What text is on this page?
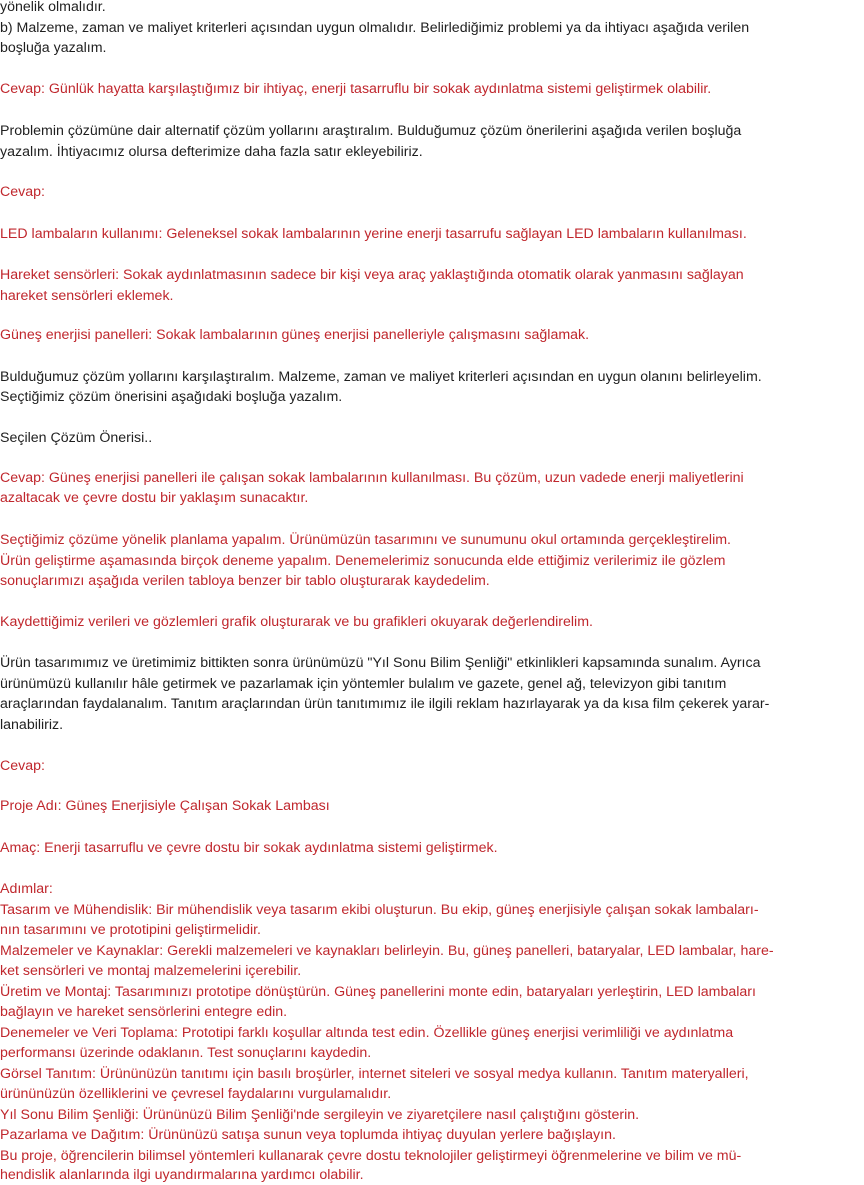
yönelik olmalıdır.

b) Malzeme, zaman ve maliyet kriterleri açısından uygun olmalıdır. Belirlediğimiz problemi ya da ihtiyacı aşağıda verilen

boşluğa yazalım.

Cevap: Günlük hayatta karşılaştığımız bir ihtiyaç, enerji tasarruflu bir sokak aydınlatma sistemi geliştirmek olabilir.

Problemin çözümüne dair alternatif çözüm yollarını araştıralım. Bulduğumuz çözüm önerilerini aşağıda verilen boşluğa

yazalım. İhtiyacımız olursa defterimize daha fazla satır ekleyebiliriz.

Cevap:

LED lambaların kullanımı: Geleneksel sokak lambalarının yerine enerji tasarrufu sağlayan LED lambaların kullanılması.

Hareket sensörleri: Sokak aydınlatmasının sadece bir kişi veya araç yaklaştığında otomatik olarak yanmasını sağlayan

hareket sensörleri eklemek.

Güneş enerjisi panelleri: Sokak lambalarının güneş enerjisi panelleriyle çalışmasını sağlamak.

Bulduğumuz çözüm yollarını karşılaştıralım. Malzeme, zaman ve maliyet kriterleri açısından en uygun olanını belirleyelim.

Seçtiğimiz çözüm önerisini aşağıdaki boşluğa yazalım.

Seçilen Çözüm Önerisi..

Cevap: Güneş enerjisi panelleri ile çalışan sokak lambalarının kullanılması. Bu çözüm, uzun vadede enerji maliyetlerini

azaltacak ve çevre dostu bir yaklaşım sunacaktır.

Seçtiğimiz çözüme yönelik planlama yapalım. Ürünümüzün tasarımını ve sunumunu okul ortamında gerçekleştirelim.

Ürün geliştirme aşamasında birçok deneme yapalım. Denemelerimiz sonucunda elde ettiğimiz verilerimiz ile gözlem

sonuçlarımızı aşağıda verilen tabloya benzer bir tablo oluşturarak kaydedelim.

Kaydettiğimiz verileri ve gözlemleri grafik oluşturarak ve bu grafikleri okuyarak değerlendirelim.

Ürün tasarımımız ve üretimimiz bittikten sonra ürünümüzü "Yıl Sonu Bilim Şenliği" etkinlikleri kapsamında sunalım. Ayrıca

ürünümüzü kullanılır hâle getirmek ve pazarlamak için yöntemler bulalım ve gazete, genel ağ, televizyon gibi tanıtım

araçlarından faydalanalım. Tanıtım araçlarından ürün tanıtımımız ile ilgili reklam hazırlayarak ya da kısa film çekerek yarar-

lanabiliriz.

Cevap:

Proje Adı: Güneş Enerjisiyle Çalışan Sokak Lambası

Amaç: Enerji tasarruflu ve çevre dostu bir sokak aydınlatma sistemi geliştirmek.

Adımlar:

Tasarım ve Mühendislik: Bir mühendislik veya tasarım ekibi oluşturun. Bu ekip, güneş enerjisiyle çalışan sokak lambaları-

nın tasarımını ve prototipini geliştirmelidir.

Malzemeler ve Kaynaklar: Gerekli malzemeleri ve kaynakları belirleyin. Bu, güneş panelleri, bataryalar, LED lambalar, hare-

ket sensörleri ve montaj malzemelerini içerebilir.

Üretim ve Montaj: Tasarımınızı prototipe dönüştürün. Güneş panellerini monte edin, bataryaları yerleştirin, LED lambaları

bağlayın ve hareket sensörlerini entegre edin.

Denemeler ve Veri Toplama: Prototipi farklı koşullar altında test edin. Özellikle güneş enerjisi verimliliği ve aydınlatma

performansı üzerinde odaklanın. Test sonuçlarını kaydedin.

Görsel Tanıtım: Ürününüzün tanıtımı için basılı broşürler, internet siteleri ve sosyal medya kullanın. Tanıtım materyalleri,

ürününüzün özelliklerini ve çevresel faydalarını vurgulamalıdır.

Yıl Sonu Bilim Şenliği: Ürününüzü Bilim Şenliği'nde sergileyin ve ziyaretçilere nasıl çalıştığını gösterin.

Pazarlama ve Dağıtım: Ürününüzü satışa sunun veya toplumda ihtiyaç duyulan yerlere bağışlayın.

Bu proje, öğrencilerin bilimsel yöntemleri kullanarak çevre dostu teknolojiler geliştirmeyi öğrenmelerine ve bilim ve mü-

hendislik alanlarında ilgi uyandırmalarına yardımcı olabilir.
